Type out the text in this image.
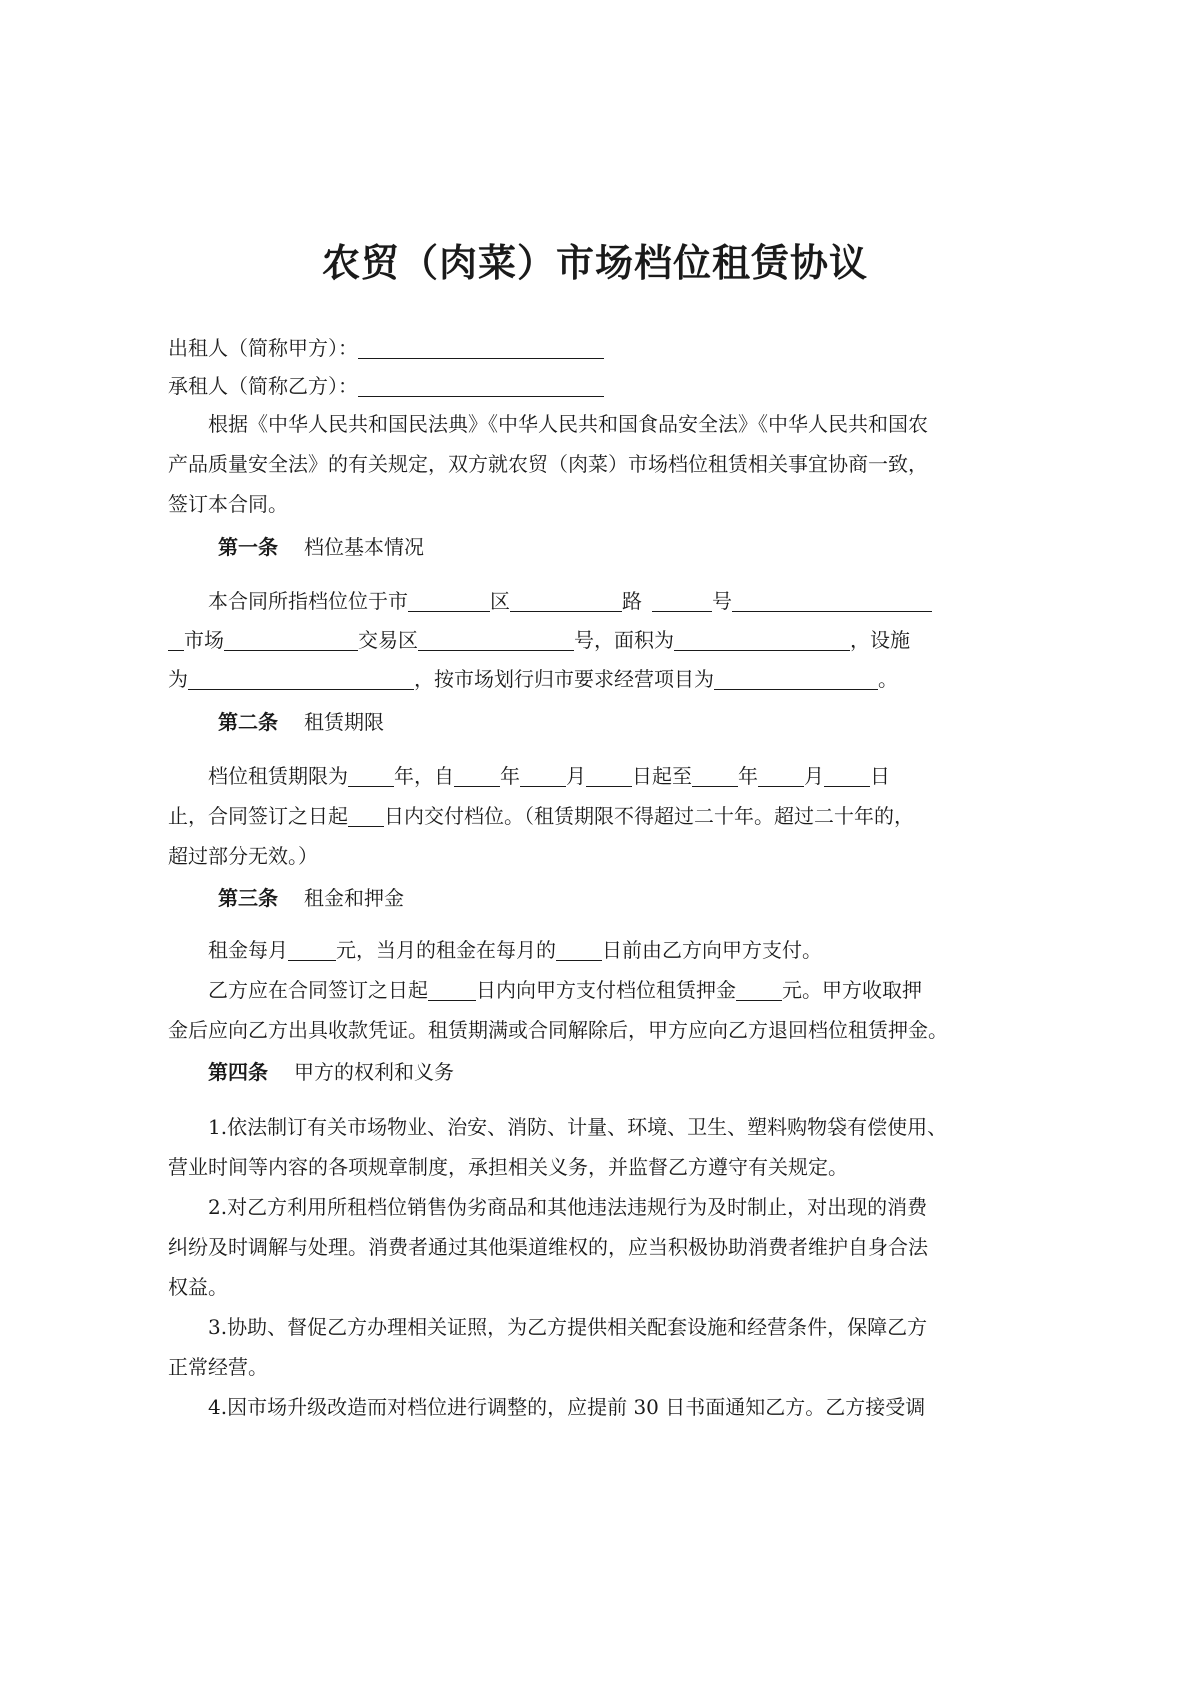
农贸（肉菜）市场档位租赁协议
出租人（简称甲方）：
承租人（简称乙方）：
根据《中华人民共和国民法典》《中华人民共和国食品安全法》《中华人民共和国农
产品质量安全法》的有关规定，双方就农贸（肉菜）市场档位租赁相关事宜协商一致，
签订本合同。
第一条 档位基本情况
本合同所指档位位于市	区	路	号
市场	交易区	号，面积为	，设施
为	，按市场划行归市要求经营项目为	。
第二条 租赁期限
档位租赁期限为 年，自 年 月 日起至 年 月 日
止，合同签订之日起 日内交付档位。（租赁期限不得超过二十年。超过二十年的，
超过部分无效。）
第三条 租金和押金
租金每月 元，当月的租金在每月的 日前由乙方向甲方支付。
乙方应在合同签订之日起 日内向甲方支付档位租赁押金 元。甲方收取押
金后应向乙方出具收款凭证。租赁期满或合同解除后，甲方应向乙方退回档位租赁押金。
第四条 甲方的权利和义务
1.依法制订有关市场物业、治安、消防、计量、环境、卫生、塑料购物袋有偿使用、
营业时间等内容的各项规章制度，承担相关义务，并监督乙方遵守有关规定。
2.对乙方利用所租档位销售伪劣商品和其他违法违规行为及时制止，对出现的消费
纠纷及时调解与处理。消费者通过其他渠道维权的，应当积极协助消费者维护自身合法
权益。
3.协助、督促乙方办理相关证照，为乙方提供相关配套设施和经营条件，保障乙方
正常经营。
4.因市场升级改造而对档位进行调整的，应提前 30 日书面通知乙方。乙方接受调
